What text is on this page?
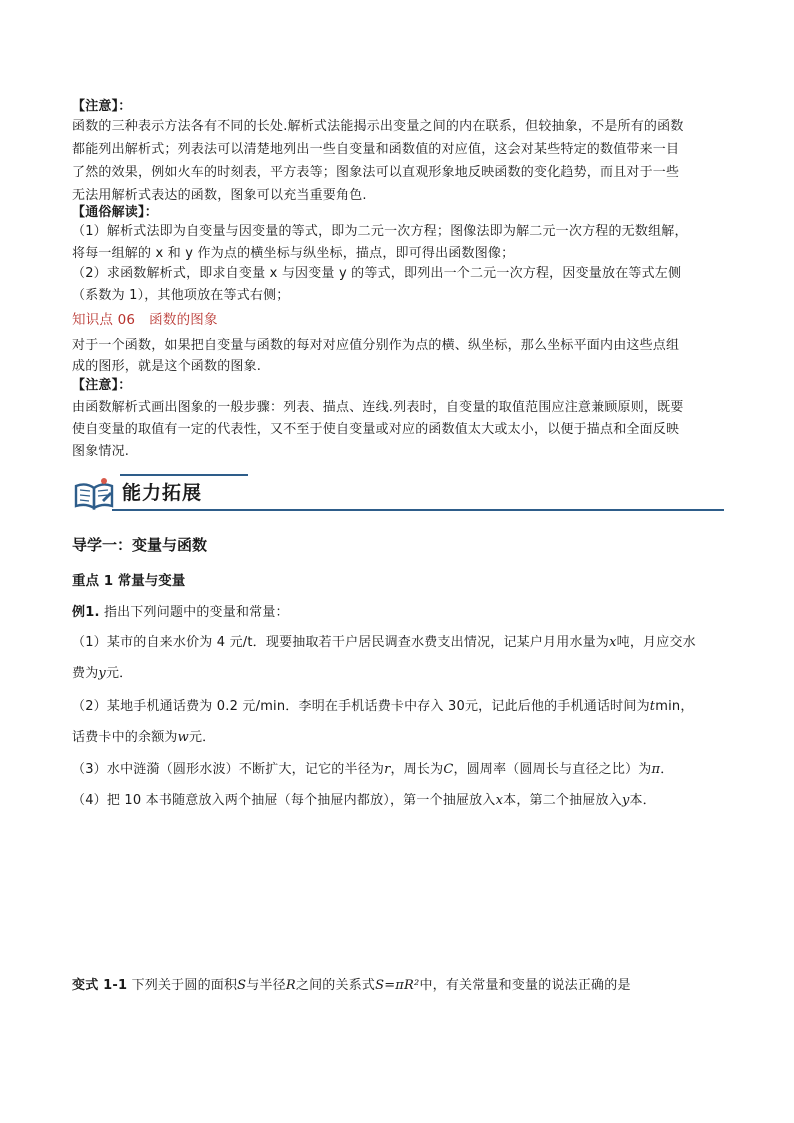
【注意】：
函数的三种表示方法各有不同的长处.解析式法能揭示出变量之间的内在联系，但较抽象，不是所有的函数
都能列出解析式；列表法可以清楚地列出一些自变量和函数值的对应值，这会对某些特定的数值带来一目
了然的效果，例如火车的时刻表，平方表等；图象法可以直观形象地反映函数的变化趋势，而且对于一些
无法用解析式表达的函数，图象可以充当重要角色.
【通俗解读】：
（1）解析式法即为自变量与因变量的等式，即为二元一次方程；图像法即为解二元一次方程的无数组解，
将每一组解的 x 和 y 作为点的横坐标与纵坐标，描点，即可得出函数图像；
（2）求函数解析式，即求自变量 x 与因变量 y 的等式，即列出一个二元一次方程，因变量放在等式左侧
（系数为 1），其他项放在等式右侧；
知识点 06 函数的图象
对于一个函数，如果把自变量与函数的每对对应值分别作为点的横、纵坐标，那么坐标平面内由这些点组
成的图形，就是这个函数的图象.
【注意】：
由函数解析式画出图象的一般步骤：列表、描点、连线.列表时，自变量的取值范围应注意兼顾原则，既要
使自变量的取值有一定的代表性，又不至于使自变量或对应的函数值太大或太小，以便于描点和全面反映
图象情况.
能力拓展
导学一：变量与函数
重点 1 常量与变量
例1. 指出下列问题中的变量和常量：
（1）某市的自来水价为 4 元/t．现要抽取若干户居民调查水费支出情况，记某户月用水量为x吨，月应交水
费为y元．
（2）某地手机通话费为 0.2 元/min．李明在手机话费卡中存入 30元，记此后他的手机通话时间为tmin，
话费卡中的余额为w元．
（3）水中涟漪（圆形水波）不断扩大，记它的半径为r，周长为C，圆周率（圆周长与直径之比）为π．
（4）把 10 本书随意放入两个抽屉（每个抽屉内都放），第一个抽屉放入x本，第二个抽屉放入y本．
变式 1-1 下列关于圆的面积S与半径R之间的关系式S=πR²中，有关常量和变量的说法正确的是
